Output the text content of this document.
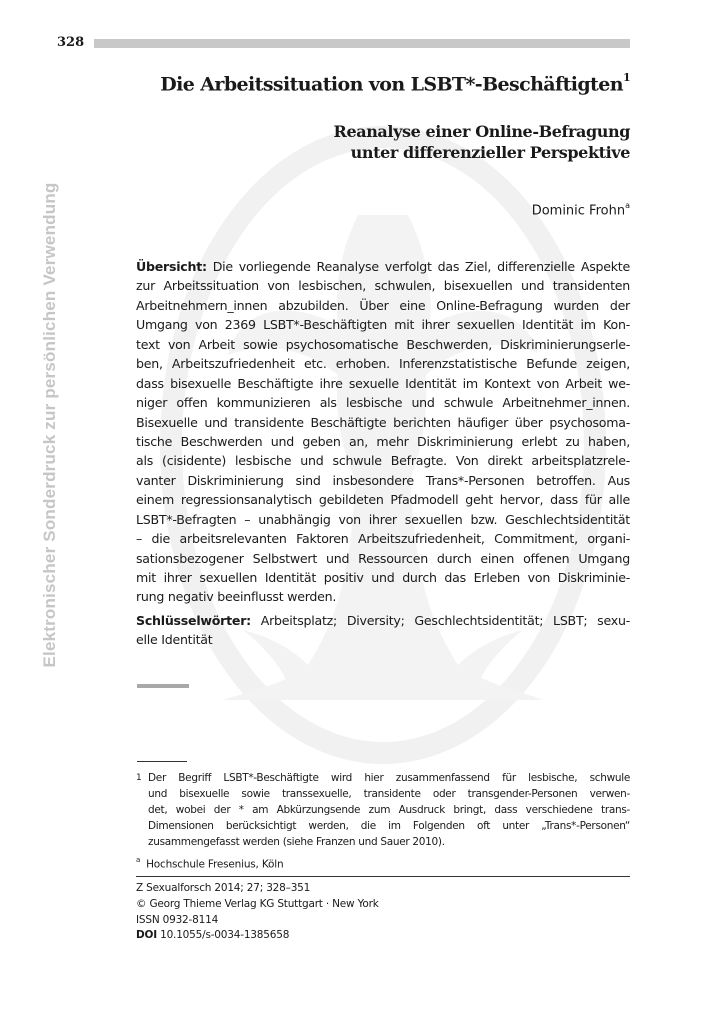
Elektronischer Sonderdruck zur persönlichen Verwendung
328
Die Arbeitssituation von LSBT*-Beschäftigten$^1$
Reanalyse einer Online-Befragung
unter differenzieller Perspektive
Dominic Frohn$^a$
Übersicht: Die vorliegende Reanalyse verfolgt das Ziel, differenzielle Aspekte
zur Arbeitssituation von lesbischen, schwulen, bisexuellen und transidenten
Arbeitnehmern_innen abzubilden. Über eine Online-Befragung wurden der
Umgang von 2369 LSBT*-Beschäftigten mit ihrer sexuellen Identität im Kon-
text von Arbeit sowie psychosomatische Beschwerden, Diskriminierungserle-
ben, Arbeitszufriedenheit etc. erhoben. Inferenzstatistische Befunde zeigen,
dass bisexuelle Beschäftigte ihre sexuelle Identität im Kontext von Arbeit we-
niger offen kommunizieren als lesbische und schwule Arbeitnehmer_innen.
Bisexuelle und transidente Beschäftigte berichten häufiger über psychosoma-
tische Beschwerden und geben an, mehr Diskriminierung erlebt zu haben,
als (cisidente) lesbische und schwule Befragte. Von direkt arbeitsplatzrele-
vanter Diskriminierung sind insbesondere Trans*-Personen betroffen. Aus
einem regressionsanalytisch gebildeten Pfadmodell geht hervor, dass für alle
LSBT*-Befragten – unabhängig von ihrer sexuellen bzw. Geschlechtsidentität
– die arbeitsrelevanten Faktoren Arbeitszufriedenheit, Commitment, organi-
sationsbezogener Selbstwert und Ressourcen durch einen offenen Umgang
mit ihrer sexuellen Identität positiv und durch das Erleben von Diskriminie-
rung negativ beeinflusst werden.
Schlüsselwörter: Arbeitsplatz; Diversity; Geschlechtsidentität; LSBT; sexu-
elle Identität
1 Der Begriff LSBT*-Beschäftigte wird hier zusammenfassend für lesbische, schwule
und bisexuelle sowie transsexuelle, transidente oder transgender-Personen verwen-
det, wobei der * am Abkürzungsende zum Ausdruck bringt, dass verschiedene trans-
Dimensionen berücksichtigt werden, die im Folgenden oft unter „Trans*-Personen“
zusammengefasst werden (siehe Franzen und Sauer 2010).
$^a$ Hochschule Fresenius, Köln
Z Sexualforsch 2014; 27; 328–351
© Georg Thieme Verlag KG Stuttgart · New York
ISSN 0932-8114
DOI 10.1055/s-0034-1385658
